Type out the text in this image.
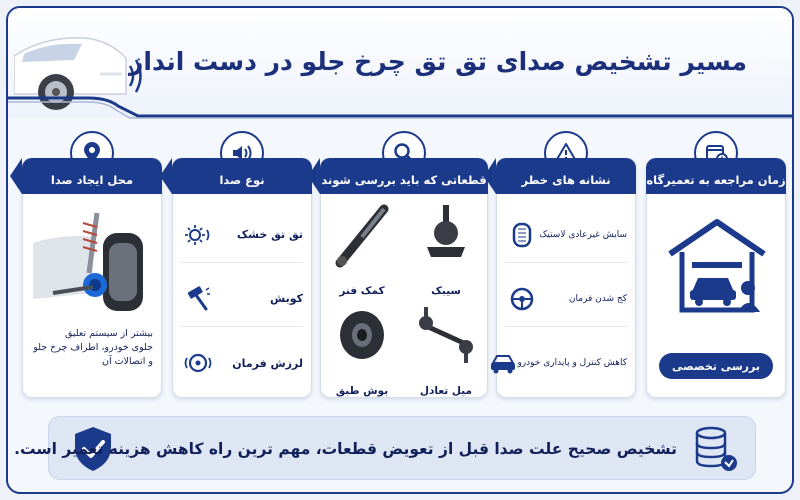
مسیر تشخیص صدای تق تق چرخ جلو در دست انداز
زمان مراجعه به تعمیرگاه
بررسی تخصصی
نشانه های خطر
سایش غیرعادی لاستیک
کج شدن فرمان
کاهش کنترل و پایداری خودرو
قطعاتی که باید بررسی شوند
سیبک
کمک فنر
میل تعادل
بوش طبق
نوع صدا
تق تق خشک
کوبش
لرزش فرمان
محل ایجاد صدا
بیشتر از سیستم تعلیق
جلوی خودرو، اطراف چرخ جلو
و اتصالات آن
تشخیص صحیح علت صدا قبل از تعویض قطعات، مهم ترین راه کاهش هزینه تعمیر است.
